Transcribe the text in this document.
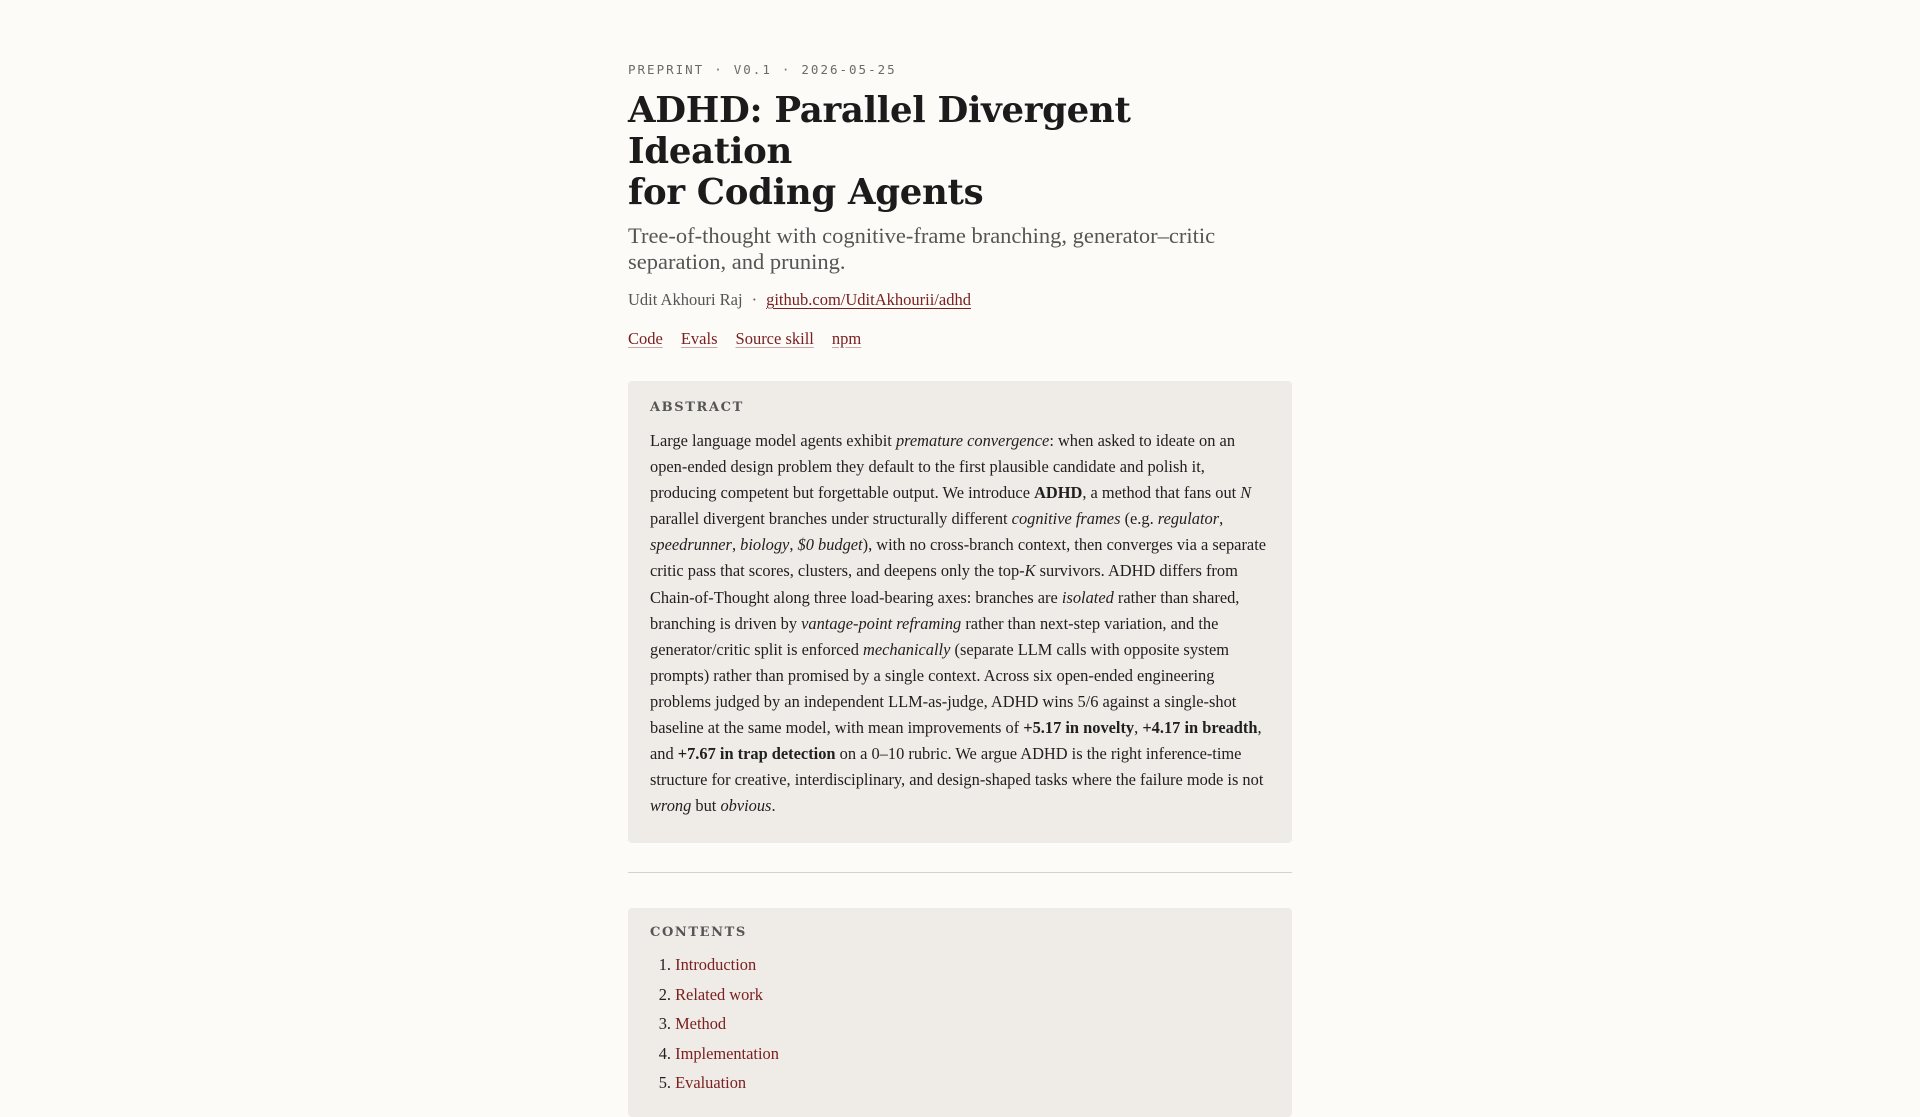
PREPRINT · V0.1 · 2026-05-25
ADHD: Parallel Divergent Ideation
for Coding Agents
Tree-of-thought with cognitive-frame branching, generator–critic separation, and pruning.
Udit Akhouri Raj · github.com/UditAkhourii/adhd
Code Evals Source skill npm
ABSTRACT
Large language model agents exhibit premature convergence: when asked to ideate on an open-ended design problem they default to the first plausible candidate and polish it, producing competent but forgettable output. We introduce ADHD, a method that fans out N parallel divergent branches under structurally different cognitive frames (e.g. regulator, speedrunner, biology, $0 budget), with no cross-branch context, then converges via a separate critic pass that scores, clusters, and deepens only the top-K survivors. ADHD differs from Chain-of-Thought along three load-bearing axes: branches are isolated rather than shared, branching is driven by vantage-point reframing rather than next-step variation, and the generator/critic split is enforced mechanically (separate LLM calls with opposite system prompts) rather than promised by a single context. Across six open-ended engineering problems judged by an independent LLM-as-judge, ADHD wins 5/6 against a single-shot baseline at the same model, with mean improvements of +5.17 in novelty, +4.17 in breadth, and +7.67 in trap detection on a 0–10 rubric. We argue ADHD is the right inference-time structure for creative, interdisciplinary, and design-shaped tasks where the failure mode is not wrong but obvious.
CONTENTS
1.
Introduction
2.
Related work
3.
Method
4.
Implementation
5.
Evaluation
